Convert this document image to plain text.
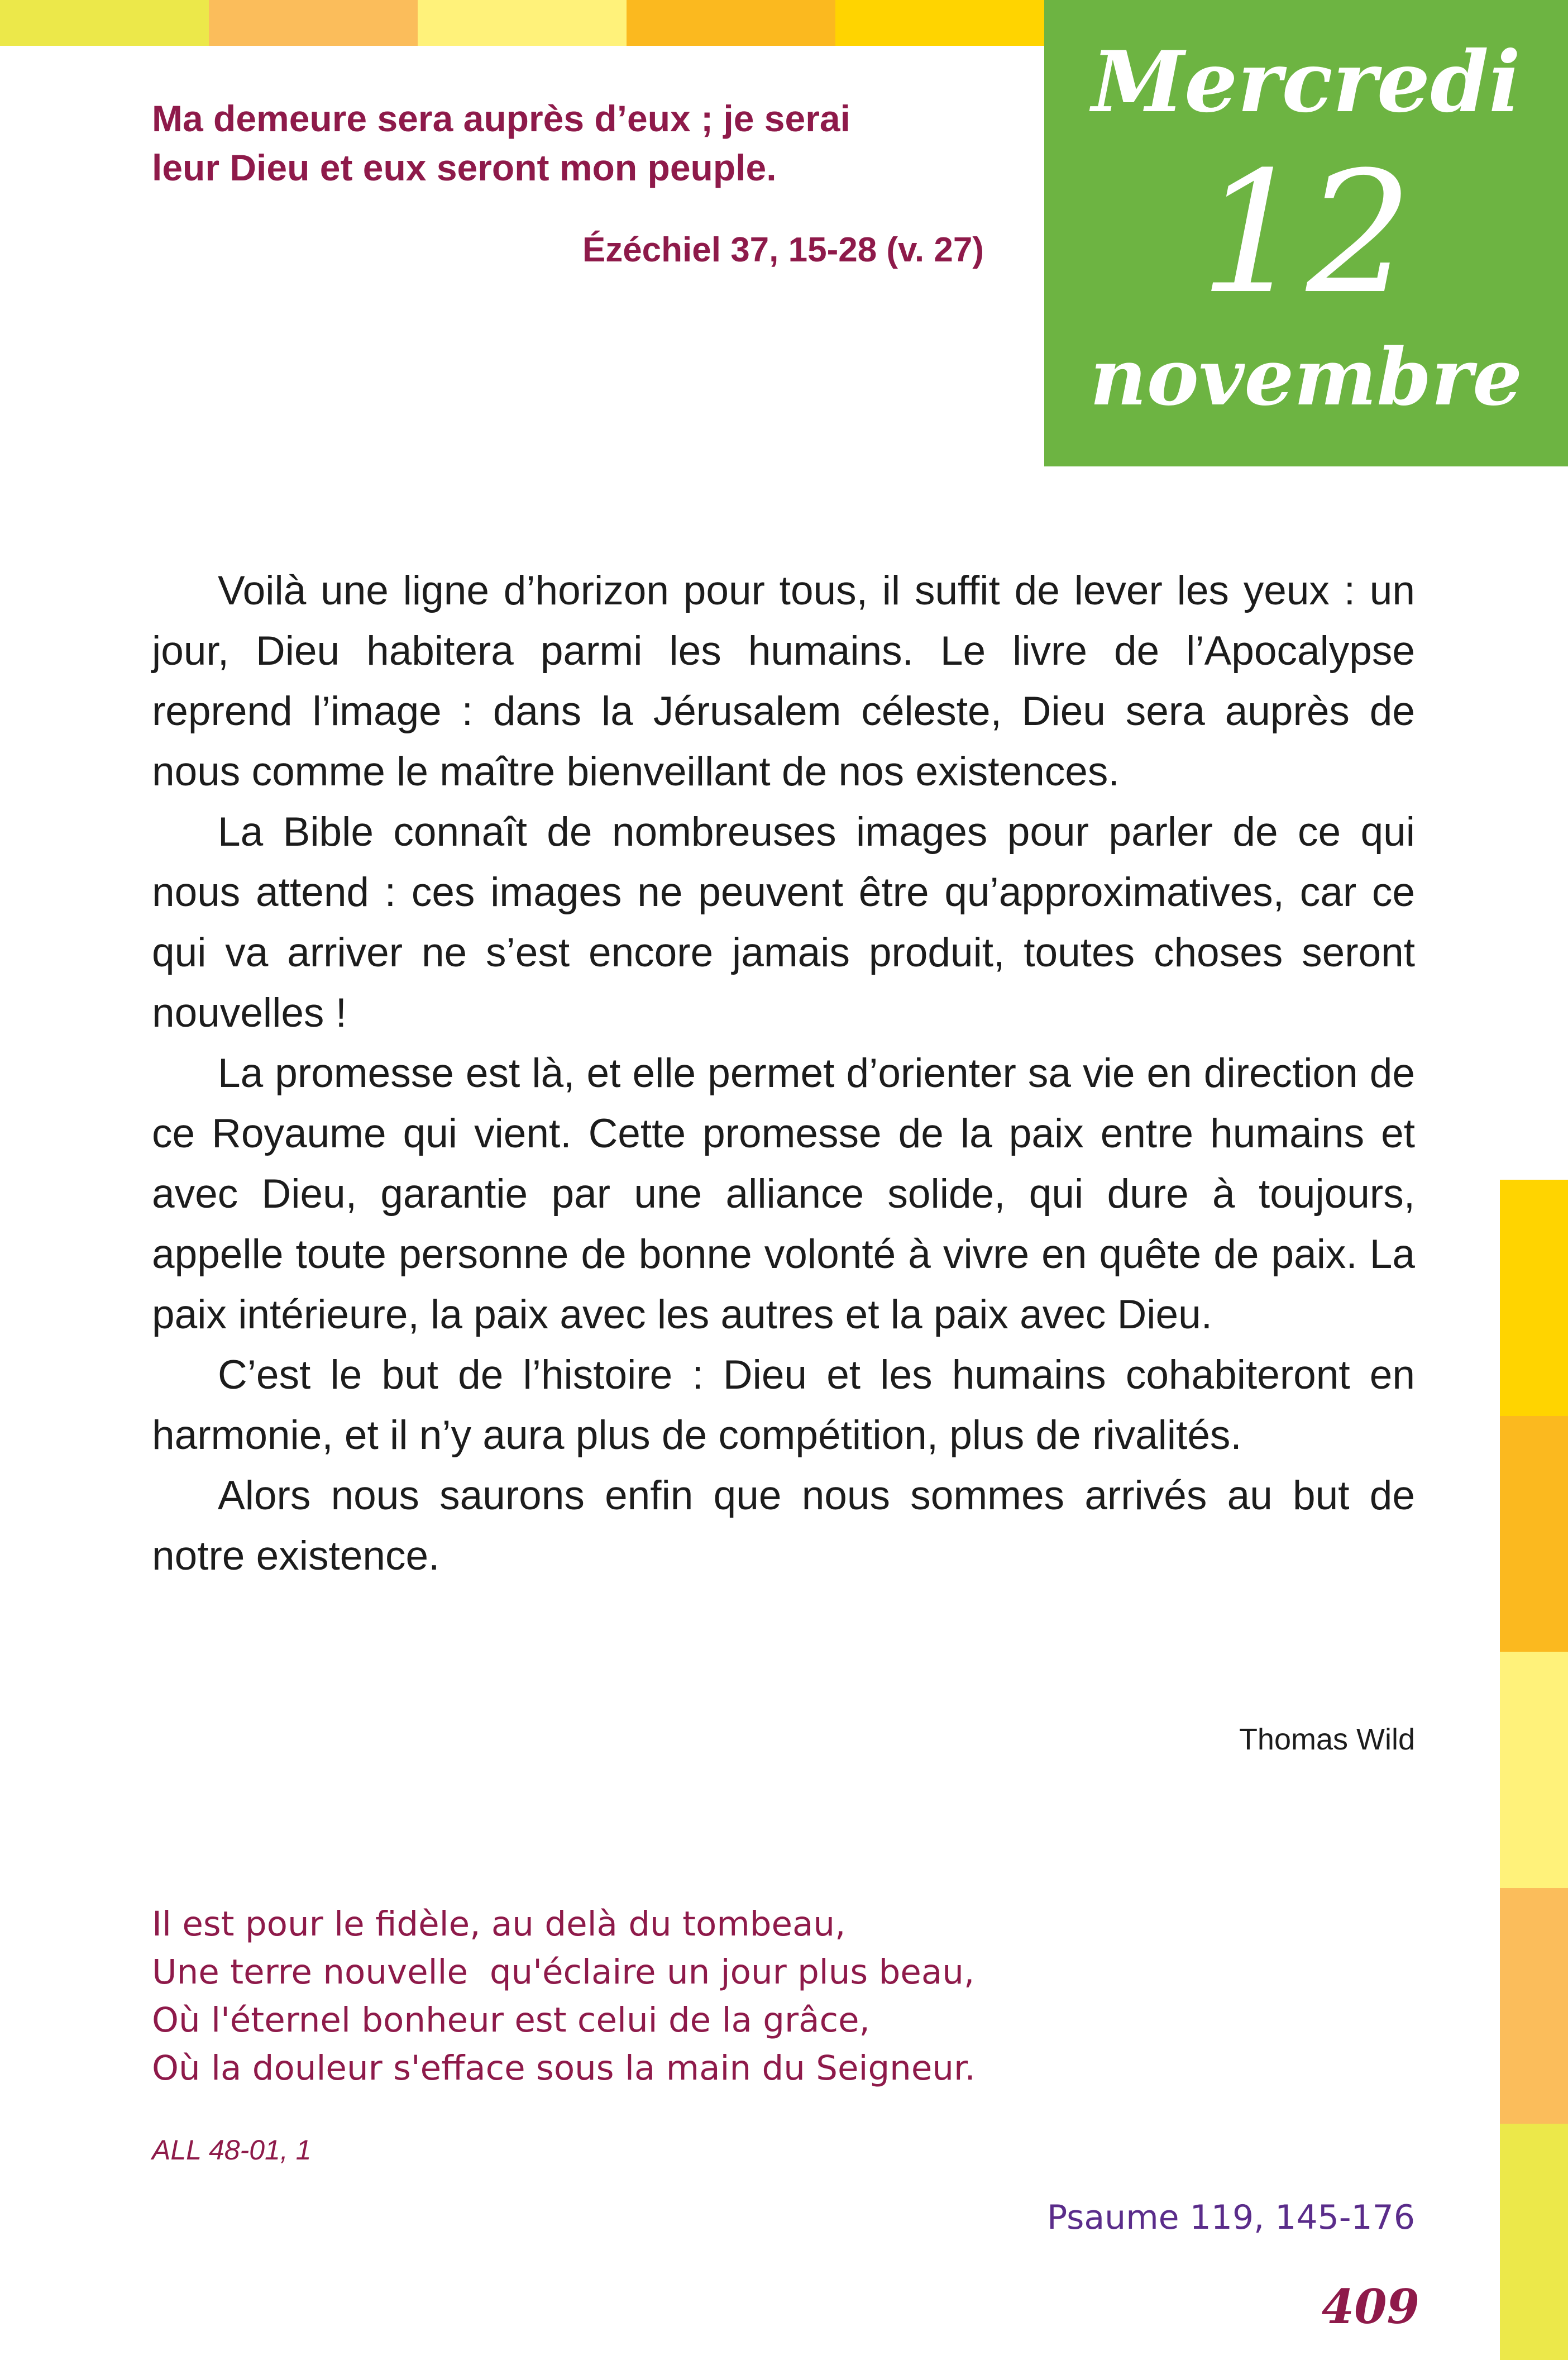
Mercredi
12
novembre
Ma demeure sera auprès d’eux ; je serai
leur Dieu et eux seront mon peuple.
Ézéchiel 37, 15-28 (v. 27)

Voilà une ligne d’horizon pour tous, il suffit de lever les yeux : un jour, Dieu habitera parmi les humains. Le livre de l’Apocalypse reprend l’image : dans la Jérusalem céleste, Dieu sera auprès de nous comme le maître bienveillant de nos existences.

La Bible connaît de nombreuses images pour parler de ce qui nous attend : ces images ne peuvent être qu’approximatives, car ce qui va arriver ne s’est encore jamais produit, toutes choses seront nouvelles !

La promesse est là, et elle permet d’orienter sa vie en direction de ce Royaume qui vient. Cette promesse de la paix entre humains et avec Dieu, garantie par une alliance solide, qui dure à toujours, appelle toute personne de bonne volonté à vivre en quête de paix. La paix intérieure, la paix avec les autres et la paix avec Dieu.

C’est le but de l’histoire : Dieu et les humains cohabiteront en harmonie, et il n’y aura plus de compétition, plus de rivalités.

Alors nous saurons enfin que nous sommes arrivés au but de notre existence.

Thomas Wild
Il est pour le fidèle, au delà du tombeau,
Une terre nouvelle  qu'éclaire un jour plus beau,
Où l'éternel bonheur est celui de la grâce,
Où la douleur s'efface sous la main du Seigneur.
ALL 48-01, 1
Psaume 119, 145-176
409
